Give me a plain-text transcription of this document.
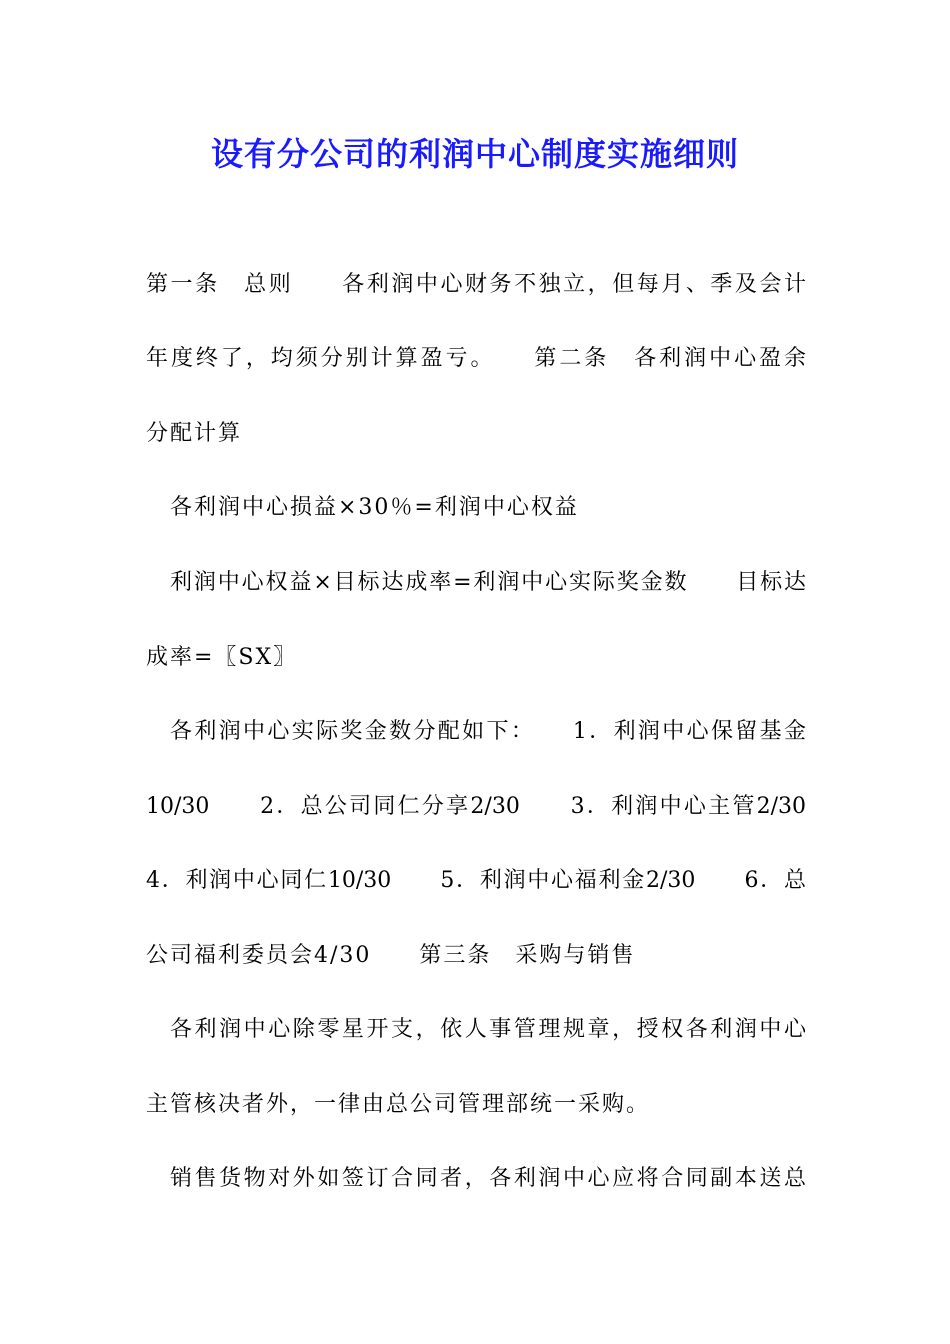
设有分公司的利润中心制度实施细则

第一条　总则　　各利润中心财务不独立，但每月、季及会计

年度终了，均须分别计算盈亏。　　第二条　各利润中心盈余

分配计算

各利润中心损益×30％=利润中心权益

利润中心权益×目标达成率=利润中心实际奖金数　　目标达

成率=〖SX〗

各利润中心实际奖金数分配如下：　　1．利润中心保留基金

10/30　　2．总公司同仁分享2/30　　3．利润中心主管2/30

4．利润中心同仁10/30　　5．利润中心福利金2/30　　6．总

公司福利委员会4/30　　第三条　采购与销售

各利润中心除零星开支，依人事管理规章，授权各利润中心

主管核决者外，一律由总公司管理部统一采购。

销售货物对外如签订合同者，各利润中心应将合同副本送总
